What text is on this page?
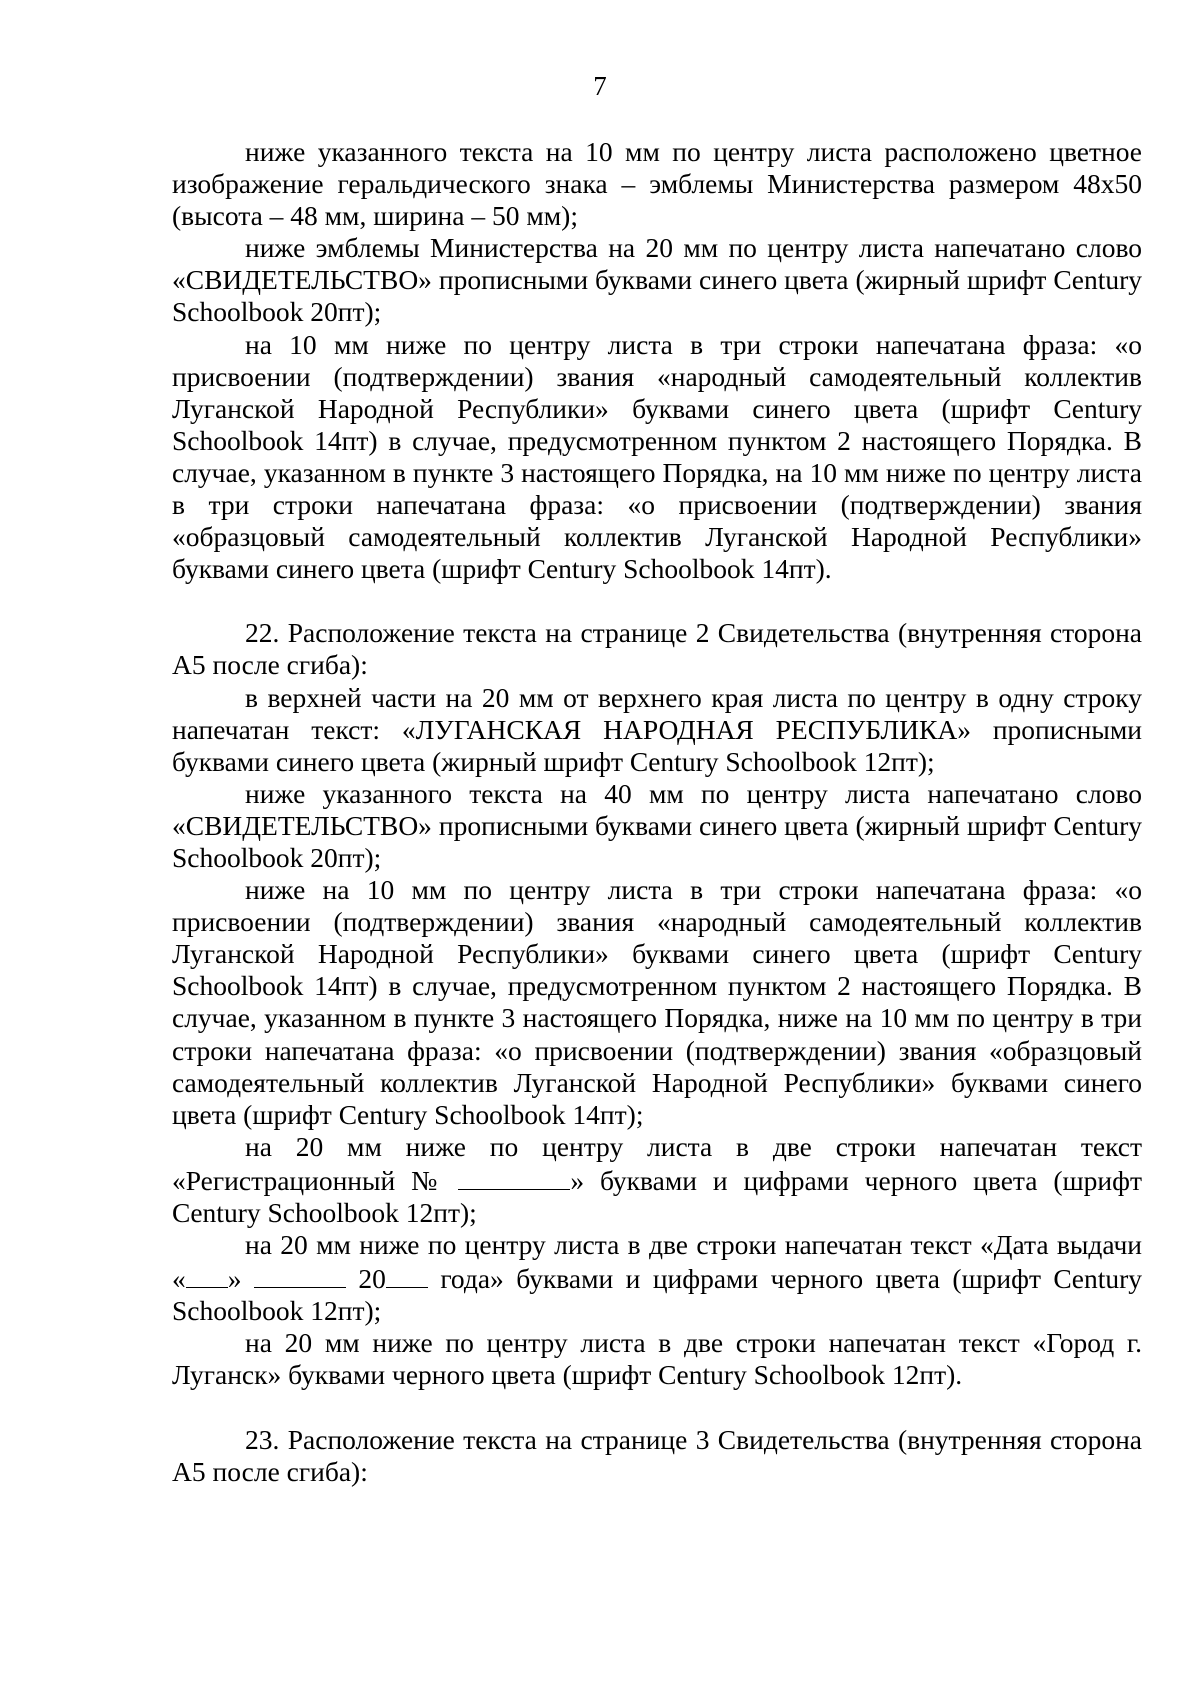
7

ниже указанного текста на 10 мм по центру листа расположено цветное изображение геральдического знака – эмблемы Министерства размером 48х50 (высота – 48 мм, ширина – 50 мм);

ниже эмблемы Министерства на 20 мм по центру листа напечатано слово «СВИДЕТЕЛЬСТВО» прописными буквами синего цвета (жирный шрифт Century Schoolbook 20пт);

на 10 мм ниже по центру листа в три строки напечатана фраза: «о присвоении (подтверждении) звания «народный самодеятельный коллектив Луганской Народной Республики» буквами синего цвета (шрифт Century Schoolbook 14пт) в случае, предусмотренном пунктом 2 настоящего Порядка. В случае, указанном в пункте 3 настоящего Порядка, на 10 мм ниже по центру листа в три строки напечатана фраза: «о присвоении (подтверждении) звания «образцовый самодеятельный коллектив Луганской Народной Республики» буквами синего цвета (шрифт Century Schoolbook 14пт).

22. Расположение текста на странице 2 Свидетельства (внутренняя сторона А5 после сгиба):

в верхней части на 20 мм от верхнего края листа по центру в одну строку напечатан текст: «ЛУГАНСКАЯ НАРОДНАЯ РЕСПУБЛИКА» прописными буквами синего цвета (жирный шрифт Century Schoolbook 12пт);

ниже указанного текста на 40 мм по центру листа напечатано слово «СВИДЕТЕЛЬСТВО» прописными буквами синего цвета (жирный шрифт Century Schoolbook 20пт);

ниже на 10 мм по центру листа в три строки напечатана фраза: «о присвоении (подтверждении) звания «народный самодеятельный коллектив Луганской Народной Республики» буквами синего цвета (шрифт Century Schoolbook 14пт) в случае, предусмотренном пунктом 2 настоящего Порядка. В случае, указанном в пункте 3 настоящего Порядка, ниже на 10 мм по центру в три строки напечатана фраза: «о присвоении (подтверждении) звания «образцовый самодеятельный коллектив Луганской Народной Республики» буквами синего цвета (шрифт Century Schoolbook 14пт);

на 20 мм ниже по центру листа в две строки напечатан текст «Регистрационный №	» буквами и цифрами черного цвета (шрифт Century Schoolbook 12пт);

на 20 мм ниже по центру листа в две строки напечатан текст «Дата выдачи « »	20 года» буквами и цифрами черного цвета (шрифт Century Schoolbook 12пт);

на 20 мм ниже по центру листа в две строки напечатан текст «Город г. Луганск» буквами черного цвета (шрифт Century Schoolbook 12пт).

23. Расположение текста на странице 3 Свидетельства (внутренняя сторона А5 после сгиба):
